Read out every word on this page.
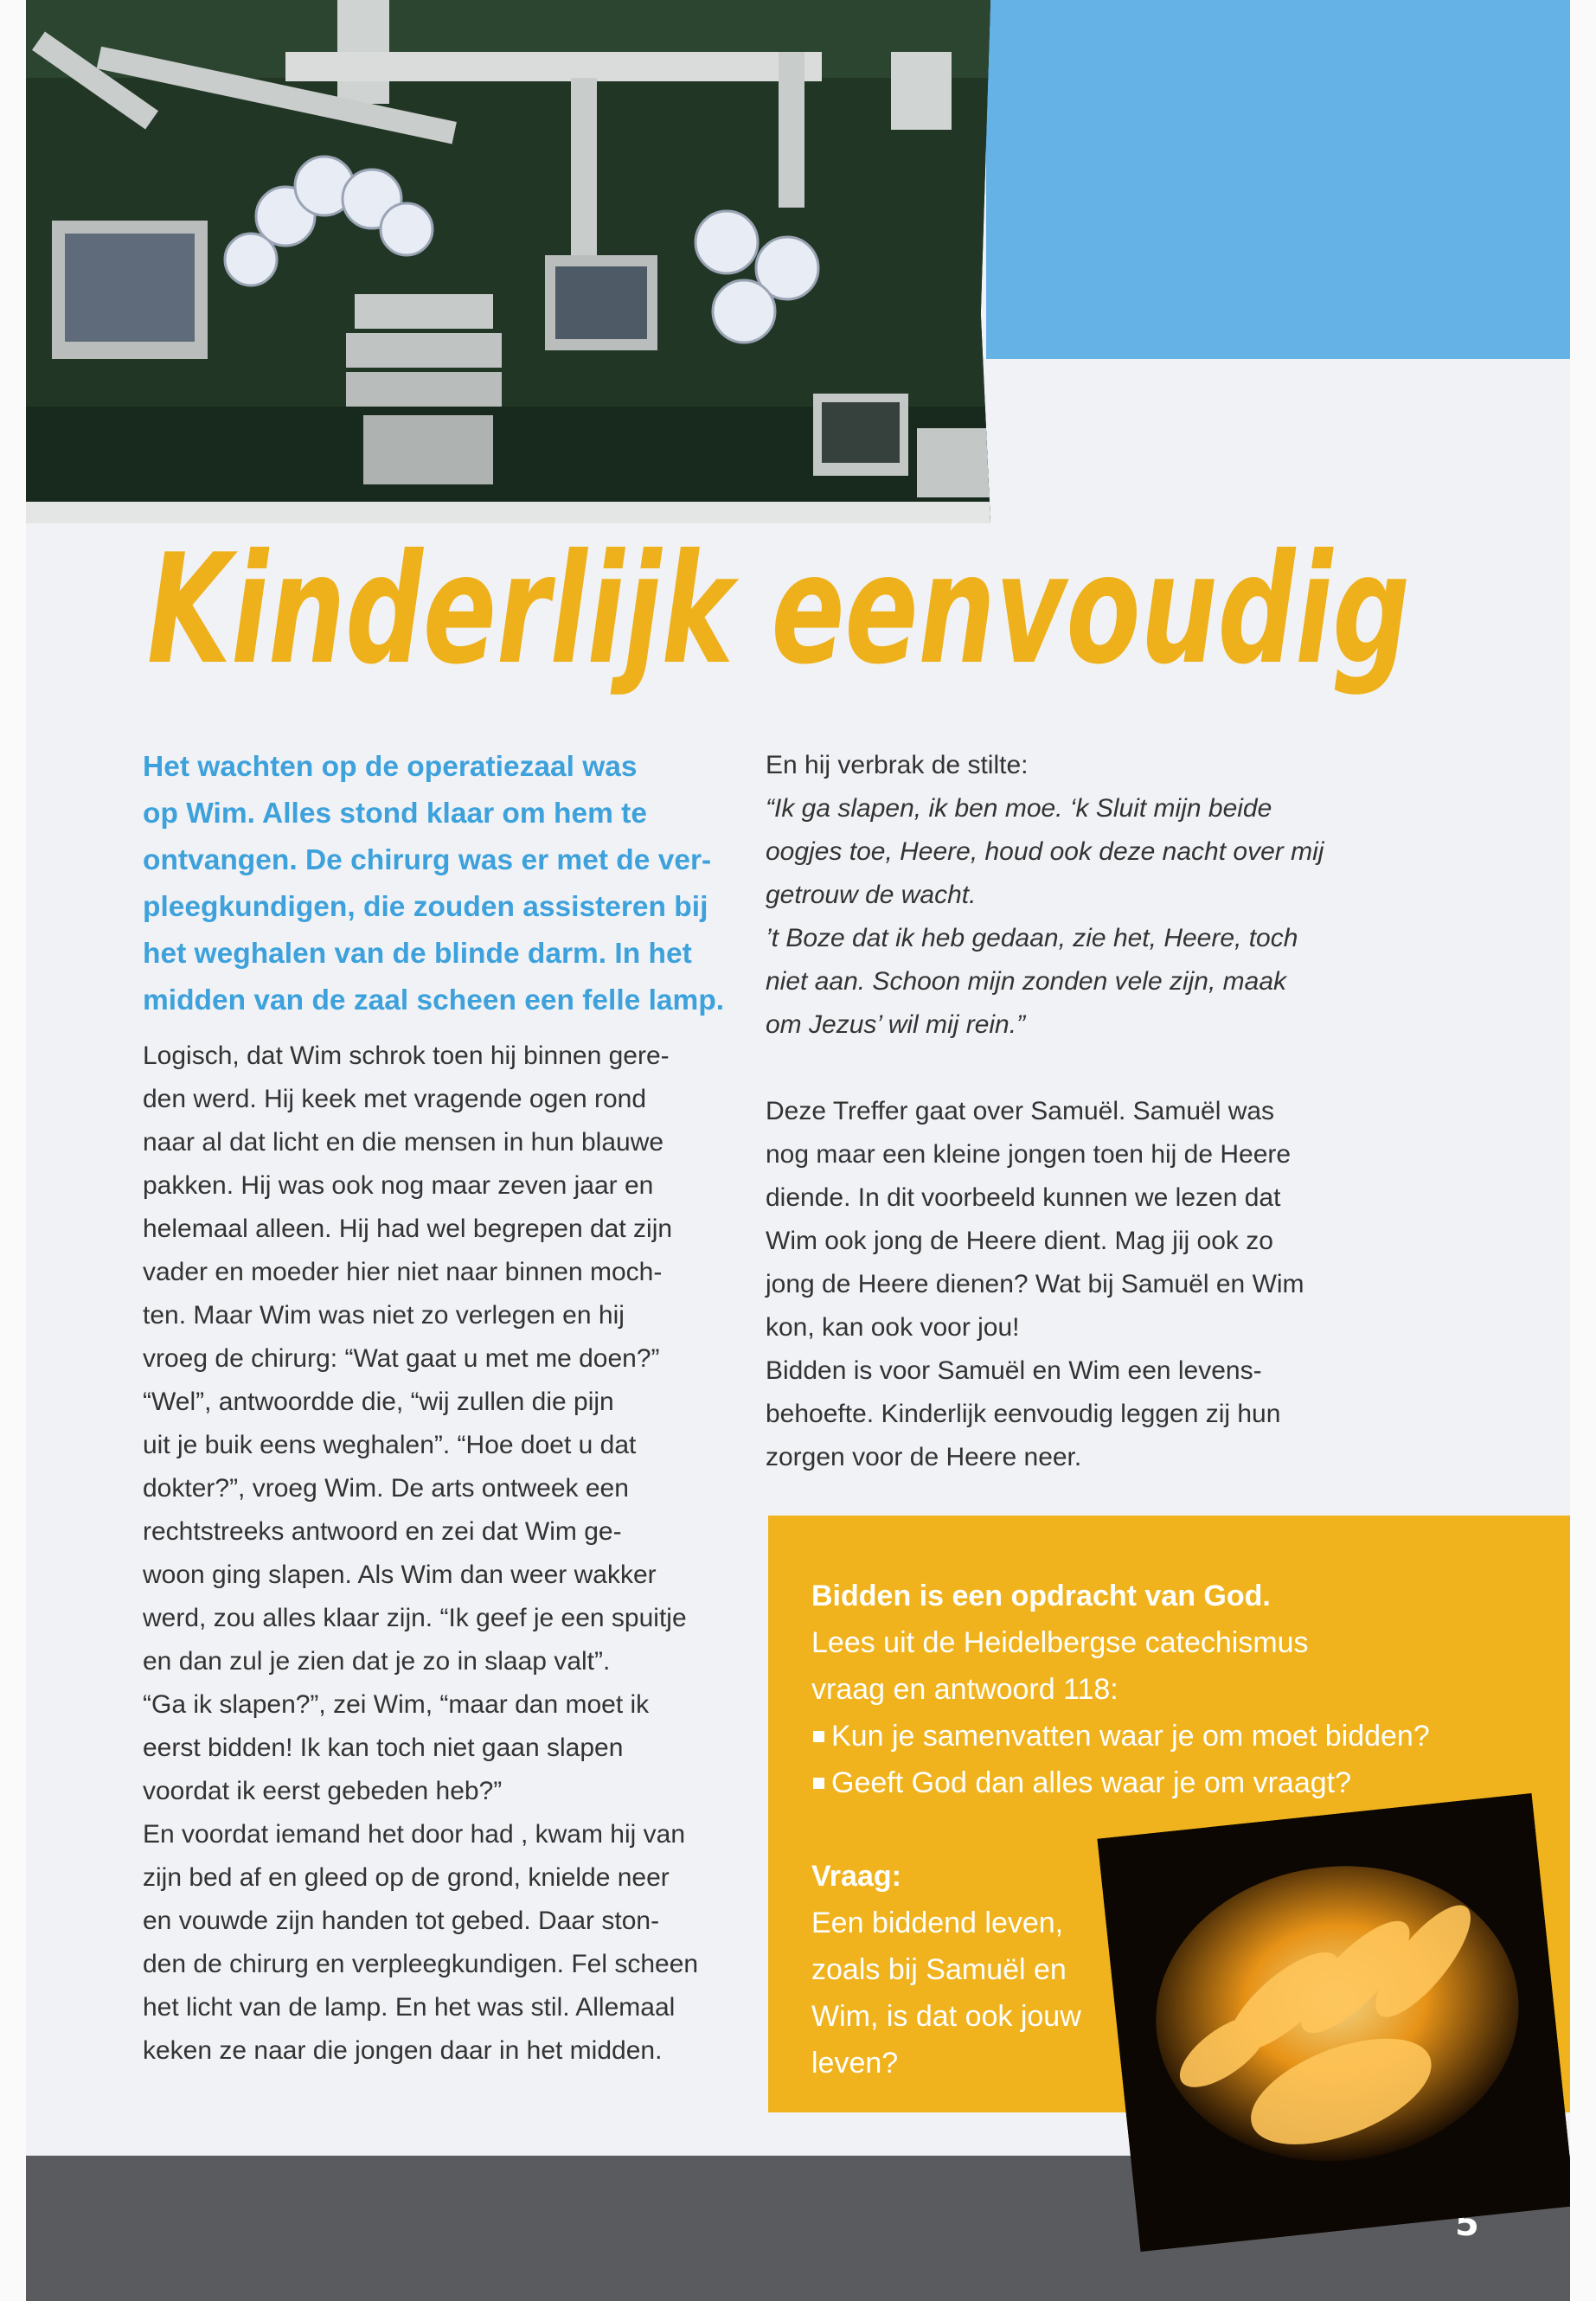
Kinderlijk eenvoudig

Het wachten op de operatiezaal was
op Wim. Alles stond klaar om hem te
ontvangen. De chirurg was er met de ver-
pleegkundigen, die zouden assisteren bij
het weghalen van de blinde darm. In het
midden van de zaal scheen een felle lamp.

Logisch, dat Wim schrok toen hij binnen gere-
den werd. Hij keek met vragende ogen rond
naar al dat licht en die mensen in hun blauwe
pakken. Hij was ook nog maar zeven jaar en
helemaal alleen. Hij had wel begrepen dat zijn
vader en moeder hier niet naar binnen moch-
ten. Maar Wim was niet zo verlegen en hij
vroeg de chirurg: “Wat gaat u met me doen?”
“Wel”, antwoordde die, “wij zullen die pijn
uit je buik eens weghalen”. “Hoe doet u dat
dokter?”, vroeg Wim. De arts ontweek een
rechtstreeks antwoord en zei dat Wim ge-
woon ging slapen. Als Wim dan weer wakker
werd, zou alles klaar zijn. “Ik geef je een spuitje
en dan zul je zien dat je zo in slaap valt”.
“Ga ik slapen?”, zei Wim, “maar dan moet ik
eerst bidden! Ik kan toch niet gaan slapen
voordat ik eerst gebeden heb?”
En voordat iemand het door had , kwam hij van
zijn bed af en gleed op de grond, knielde neer
en vouwde zijn handen tot gebed. Daar ston-
den de chirurg en verpleegkundigen. Fel scheen
het licht van de lamp. En het was stil. Allemaal
keken ze naar die jongen daar in het midden.

En hij verbrak de stilte:

“Ik ga slapen, ik ben moe. ‘k Sluit mijn beide
oogjes toe, Heere, houd ook deze nacht over mij
getrouw de wacht.
’t Boze dat ik heb gedaan, zie het, Heere, toch
niet aan. Schoon mijn zonden vele zijn, maak
om Jezus’ wil mij rein.”

Deze Treffer gaat over Samuël. Samuël was
nog maar een kleine jongen toen hij de Heere
diende. In dit voorbeeld kunnen we lezen dat
Wim ook jong de Heere dient. Mag jij ook zo
jong de Heere dienen? Wat bij Samuël en Wim
kon, kan ook voor jou!
Bidden is voor Samuël en Wim een levens-
behoefte. Kinderlijk eenvoudig leggen zij hun
zorgen voor de Heere neer.

Bidden is een opdracht van God.
Lees uit de Heidelbergse catechismus
vraag en antwoord 118:
Kun je samenvatten waar je om moet bidden?
Geeft God dan alles waar je om vraagt?
Vraag:
Een biddend leven,
zoals bij Samuël en
Wim, is dat ook jouw
leven?
5
